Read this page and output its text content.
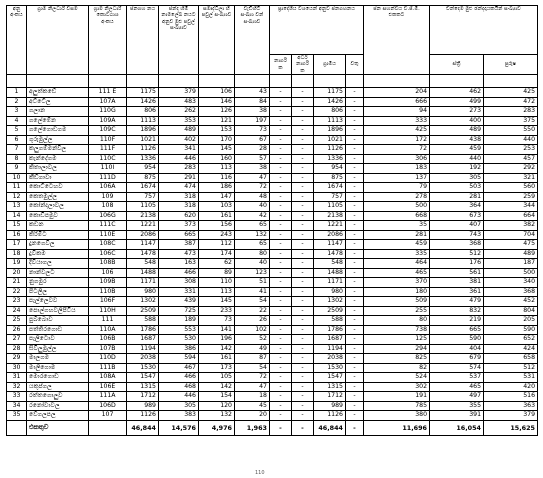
අනු අංකය	ග්‍රාම නිලධාරී වසම	ග්‍රාම නිලධාරී කොට්ඨාශ අංකය	ජනගහ නය	ජන්ද හිමි නාමලේඛ නයට අනුව මුළු පවුල් සංඛ්‍යාව	සමෘද්ධිලා භී පවුල් සංඛ්‍යාව	වැඩිහිටි සංඛ්‍යා වන් සංඛ්‍යාව	ප්‍රාදේශීය වශයෙන් අනුව ජනගහනය				ජන සහන්වය ව.ජී.මී. එකකට	චන්දෙම මුළු ඡන්දදායකයින් සංඛ්‍යාව	
							නාගරි ක	අර්ධ නාගරි ක	ග්‍රාමීය	වතු		ස්ත්‍රී	පුරුෂ

1	අලුත්කඩේ	111 E	1175	379	106	43	-	-	1175	-	204	462	425
2	අට්ටේල	107A	1426	483	146	84	-	-	1426	-	666	499	472
3	ගලාන	110G	806	262	126	38	-	-	806	-	94	273	283
4	ගලේමේන	109A	1113	353	121	197	-	-	1113	-	333	400	375
5	ගලේගොඩගම	109C	1896	489	153	73	-	-	1896	-	425	489	550
6	ගුරුමුල්ල	110F	1021	402	170	67	-	-	1021	-	172	438	440
7	කලුගම්මන්වීල	111F	1126	341	145	28	-	-	1126	-	72	459	253
8	කැන්දේගම	110C	1336	446	160	57	-	-	1336	-	306	440	457
9	කිතාලාවල	110I	954	283	113	38	-	-	954	-	183	192	292
10	කීඩ්ගාවා	111D	875	291	116	47	-	-	875	-	137	305	321
11	කොට්ටෙහව	106A	1674	474	186	72	-	-	1674	-	79	503	560
12	කෙතමුල්ල	109	757	318	147	48	-	-	757	-	278	281	259
13	කෝන්දලාවල	108	1105	318	103	40	-	-	1105	-	500	364	344
14	කොඩිපමුව	106G	2138	620	161	42	-	-	2138	-	668	673	664
15	කඩන	111C	1221	373	156	65	-	-	1221	-	35	407	382
16	කිරිමිට	110E	2086	665	243	132	-	-	2086	-	281	743	704
17	දුනගෙවිල	108C	1147	387	112	65	-	-	1147	-	459	368	475
18	දුවිකම	106C	1478	473	174	80	-	-	1478	-	335	512	489
19	දිවියාගල	108B	548	163	62	40	-	-	548	-	464	176	187
20	නාන්වලට	106	1488	466	89	123	-	-	1488	-	465	561	500
21	නුගමුර	109B	1171	308	110	51	-	-	1171	-	370	381	340
22	පිටලිල	110B	980	331	113	41	-	-	980	-	180	361	368
23	පැල්ලෙවව	106F	1302	439	145	54	-	-	1302	-	509	479	452
24	පොල්ගහවලිපිටිය	110H	2509	725	233	22	-	-	2509	-	255	832	804
25	පුබ්බොව	111	588	189	73	26	-	-	588	-	80	219	205
26	පත්තිරගොඩ	110A	1786	553	141	102	-	-	1786	-	738	665	590
27	පැලිටොව	106B	1687	530	196	52	-	-	1687	-	125	590	652
28	සිවිලුමුල්ල	107B	1194	386	142	49	-	-	1194	-	294	404	424
29	මාලගම	110D	2038	594	161	87	-	-	2038	-	825	679	658
30	මාලිගොම	111B	1530	467	173	54	-	-	1530	-	82	574	512
31	මොරගොඩ	108A	1547	466	105	72	-	-	1547	-	524	537	531
32	යකුප්ගල	106E	1315	468	142	47	-	-	1315	-	302	465	420
33	රත්තගොලුව	111A	1712	446	154	18	-	-	1712	-	191	497	516
34	රනෝවාවල	106D	989	305	120	45	-	-	989	-	785	355	363
35	වේගලපල	107	1126	383	132	20	-	-	1126	-	380	391	379
	එකතුව		46,844	14,576	4,976	1,963	-	-	46,844	-	11,696	16,054	15,625
110
